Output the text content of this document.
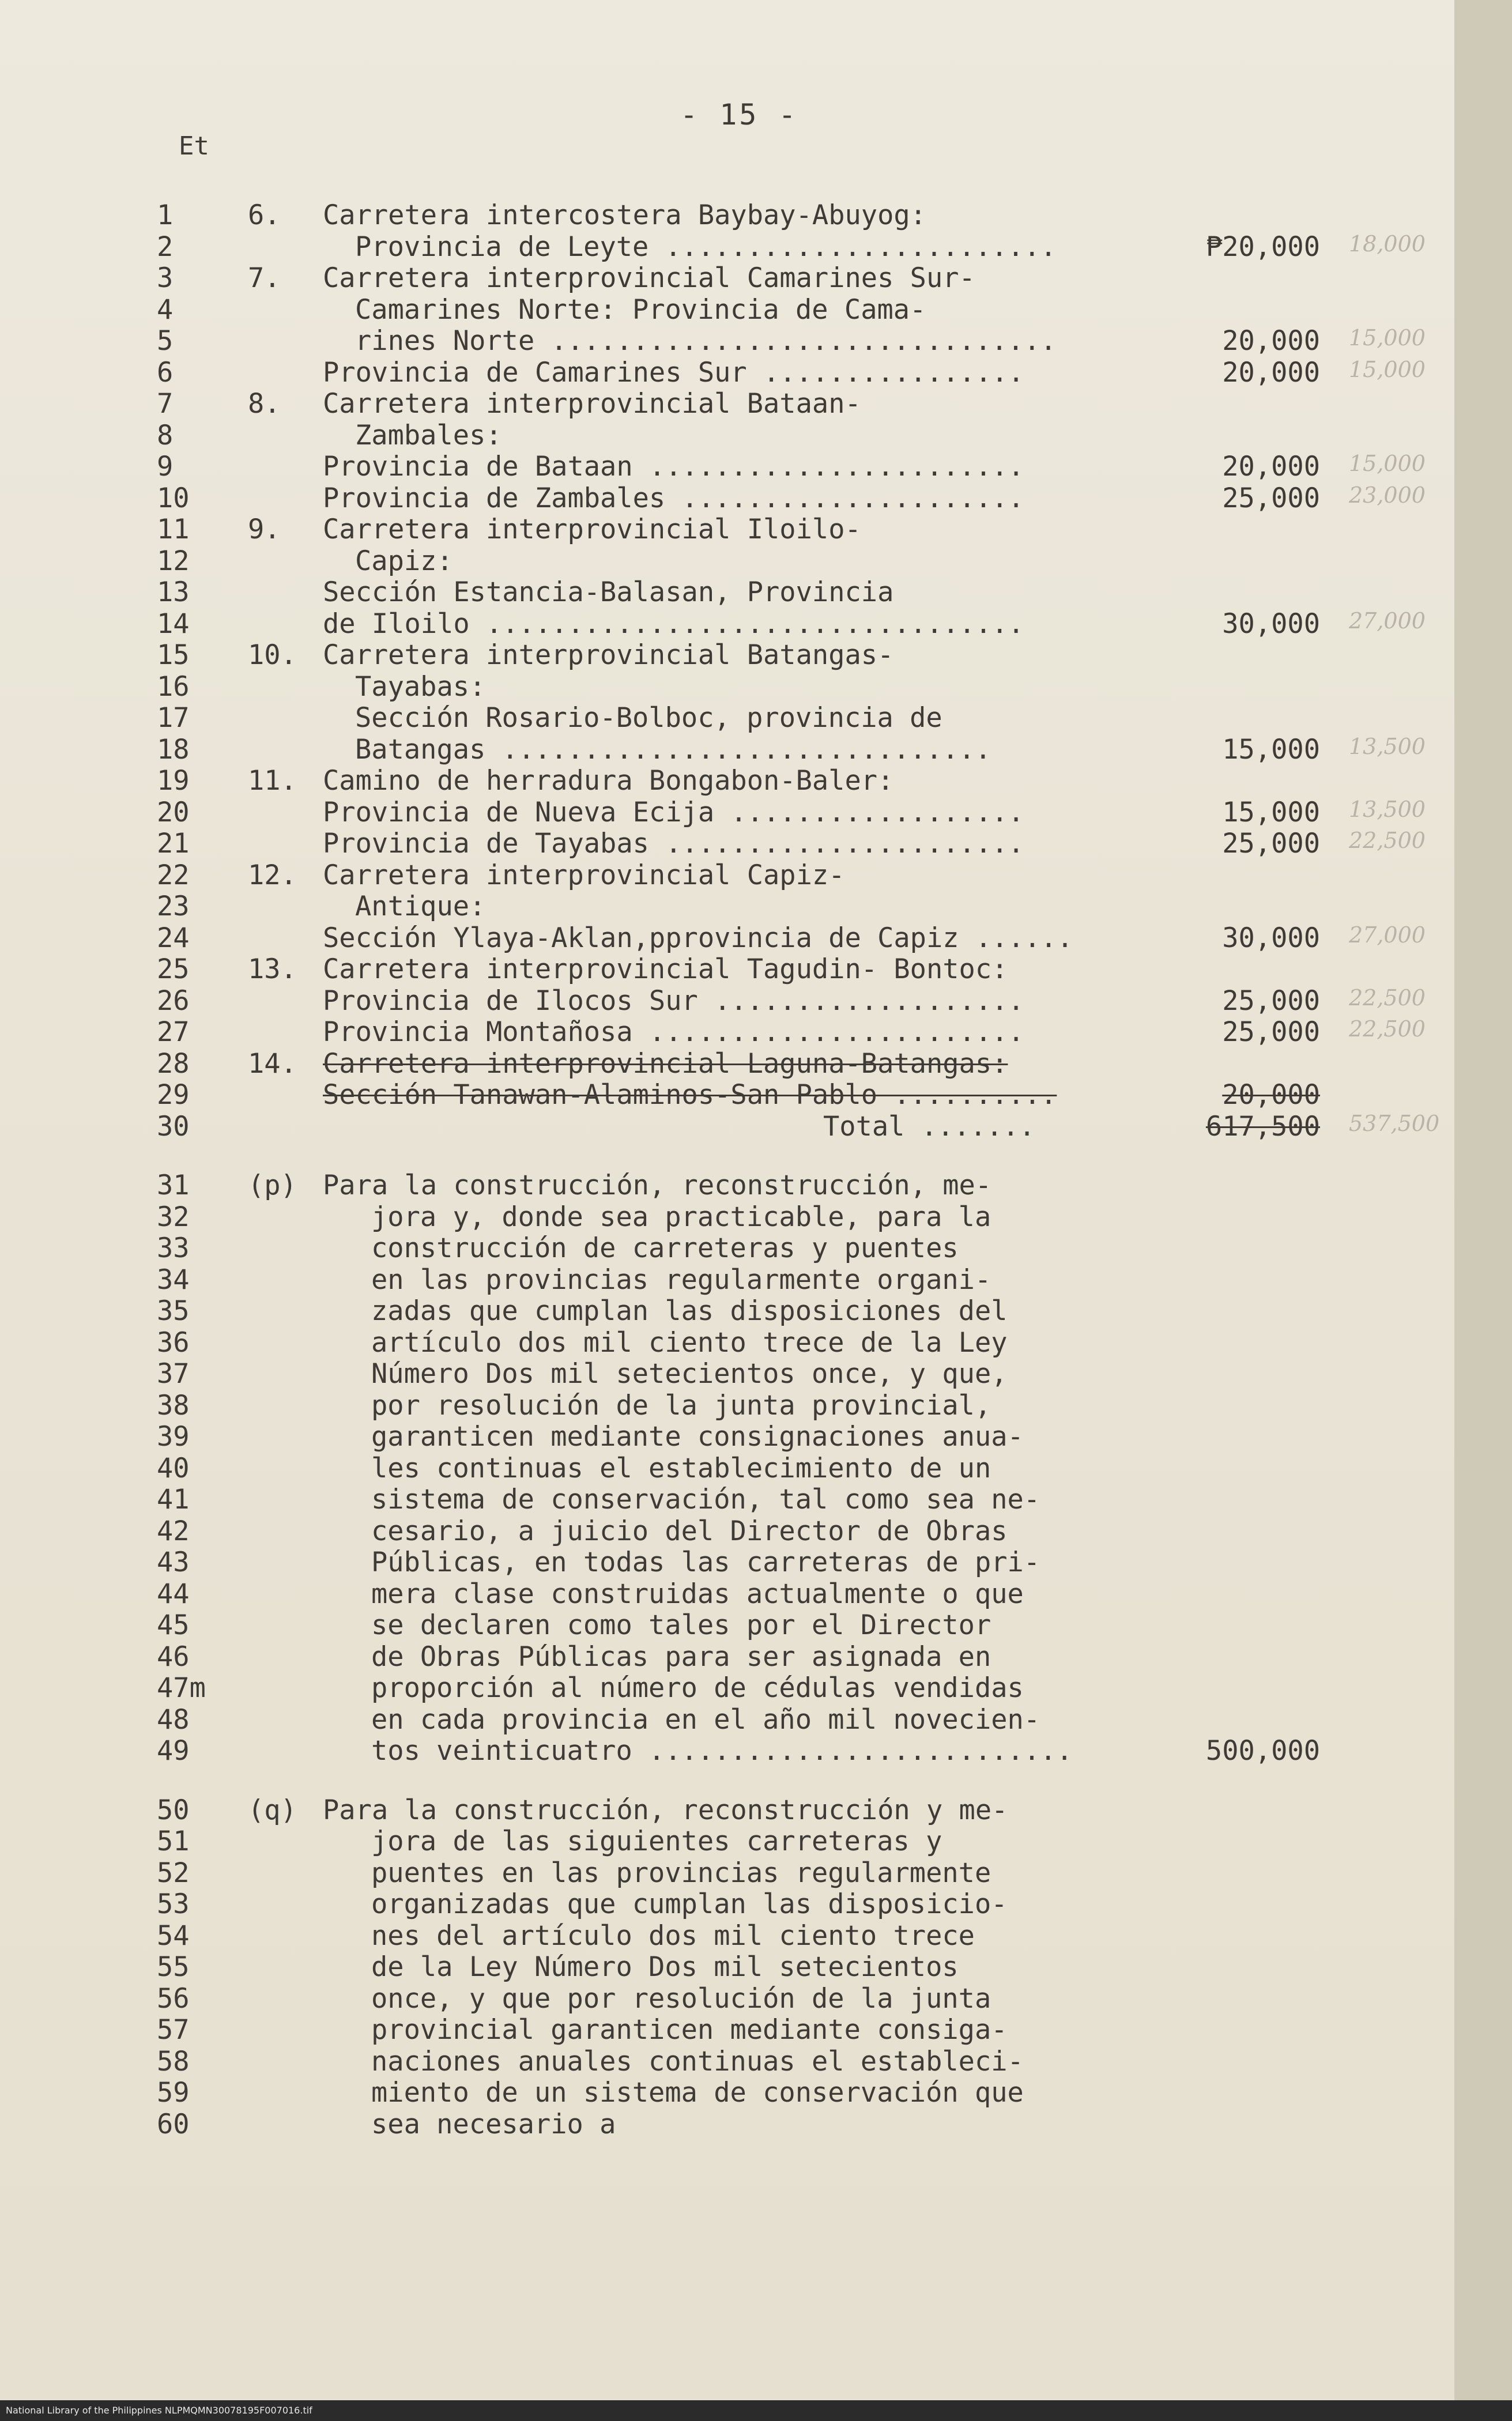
- 15 -
Et
1	6. Carretera intercostera Baybay-Abuyog:
2	Provincia de Leyte ........................	₱20,000 18,000
3	7. Carretera interprovincial Camarines Sur-
4	Camarines Norte: Provincia de Cama-
5	rines Norte ...............................	20,000 15,000
6	Provincia de Camarines Sur ................	20,000 15,000
7	8. Carretera interprovincial Bataan-
8	Zambales:
9	Provincia de Bataan .......................	20,000 15,000
10	Provincia de Zambales .....................	25,000 23,000
11	9. Carretera interprovincial Iloilo-
12	Capiz:
13	Sección Estancia-Balasan, Provincia
14	de Iloilo .................................	30,000 27,000
15	10. Carretera interprovincial Batangas-
16	Tayabas:
17	Sección Rosario-Bolboc, provincia de
18	Batangas ..............................	15,000 13,500
19	11. Camino de herradura Bongabon-Baler:
20	Provincia de Nueva Ecija ..................	15,000 13,500
21	Provincia de Tayabas ......................	25,000 22,500
22	12. Carretera interprovincial Capiz-
23	Antique:
24	Sección Ylaya-Aklan,pprovincia de Capiz ......	30,000 27,000
25	13. Carretera interprovincial Tagudin- Bontoc:
26	Provincia de Ilocos Sur ...................	25,000 22,500
27	Provincia Montañosa .......................	25,000 22,500
28	14. Carretera interprovincial Laguna-Batangas:
29	Sección Tanawan-Alaminos-San Pablo ..........	20,000
30	Total .......	617,500 537,500
31	(p) Para la construcción, reconstrucción, me-
32	jora y, donde sea practicable, para la
33	construcción de carreteras y puentes
34	en las provincias regularmente organi-
35	zadas que cumplan las disposiciones del
36	artículo dos mil ciento trece de la Ley
37	Número Dos mil setecientos once, y que,
38	por resolución de la junta provincial,
39	garanticen mediante consignaciones anua-
40	les continuas el establecimiento de un
41	sistema de conservación, tal como sea ne-
42	cesario, a juicio del Director de Obras
43	Públicas, en todas las carreteras de pri-
44	mera clase construidas actualmente o que
45	se declaren como tales por el Director
46	de Obras Públicas para ser asignada en
47m	proporción al número de cédulas vendidas
48	en cada provincia en el año mil novecien-
49	tos veinticuatro ..........................	500,000
50	(q) Para la construcción, reconstrucción y me-
51	jora de las siguientes carreteras y
52	puentes en las provincias regularmente
53	organizadas que cumplan las disposicio-
54	nes del artículo dos mil ciento trece
55	de la Ley Número Dos mil setecientos
56	once, y que por resolución de la junta
57	provincial garanticen mediante consiga-
58	naciones anuales continuas el estableci-
59	miento de un sistema de conservación que
60	sea necesario a
National Library of the Philippines NLPMQMN30078195F007016.tif
